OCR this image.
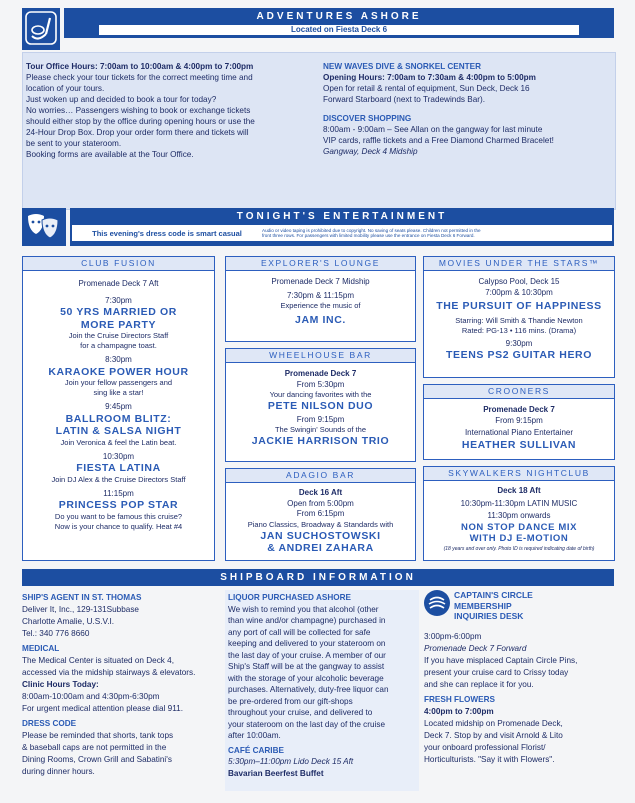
ADVENTURES ASHORE
Located on Fiesta Deck 6
Tour Office Hours: 7:00am to 10:00am & 4:00pm to 7:00pm
Please check your tour tickets for the correct meeting time and
location of your tours.
Just woken up and decided to book a tour for today?
No worries… Passengers wishing to book or exchange tickets
should either stop by the office during opening hours or use the
24-Hour Drop Box. Drop your order form there and tickets will
be sent to your stateroom.
Booking forms are available at the Tour Office.
NEW WAVES DIVE & SNORKEL CENTER
Opening Hours: 7:00am to 7:30am & 4:00pm to 5:00pm
Open for retail & rental of equipment, Sun Deck, Deck 16
Forward Starboard (next to Tradewinds Bar).
DISCOVER SHOPPING
8:00am - 9:00am – See Allan on the gangway for last minute
VIP cards, raffle tickets and a Free Diamond Charmed Bracelet!
Gangway, Deck 4 Midship
TONIGHT'S ENTERTAINMENT
This evening's dress code is smart casual	Audio or video taping is prohibited due to copyright. No saving of seats please. Children not permitted in the
front three rows. For passengers with limited mobility please use the entrance on Fiesta Deck 6 Forward.
CLUB FUSION
Promenade Deck 7 Aft
7:30pm
50 YRS MARRIED OR
MORE PARTY
Join the Cruise Directors Staff
for a champagne toast.
8:30pm
KARAOKE POWER HOUR
Join your fellow passengers and
sing like a star!
9:45pm
BALLROOM BLITZ:
LATIN & SALSA NIGHT
Join Veronica & feel the Latin beat.
10:30pm
FIESTA LATINA
Join DJ Alex & the Cruise Directors Staff
11:15pm
PRINCESS POP STAR
Do you want to be famous this cruise?
Now is your chance to qualify. Heat #4
EXPLORER'S LOUNGE
Promenade Deck 7 Midship
7:30pm & 11:15pm
Experience the music of
JAM INC.
WHEELHOUSE BAR
Promenade Deck 7
From 5:30pm
Your dancing favorites with the
PETE NILSON DUO
From 9:15pm
The Swingin' Sounds of the
JACKIE HARRISON TRIO
ADAGIO BAR
Deck 16 Aft
Open from 5:00pm
From 6:15pm
Piano Classics, Broadway & Standards with
JAN SUCHOSTOWSKI
& ANDREI ZAHARA
MOVIES UNDER THE STARS™
Calypso Pool, Deck 15
7:00pm & 10:30pm
THE PURSUIT OF HAPPINESS
Starring: Will Smith & Thandie Newton
Rated: PG-13 • 116 mins. (Drama)
9:30pm
TEENS PS2 GUITAR HERO
CROONERS
Promenade Deck 7
From 9:15pm
International Piano Entertainer
HEATHER SULLIVAN
SKYWALKERS NIGHTCLUB
Deck 18 Aft
10:30pm-11:30pm LATIN MUSIC
11:30pm onwards
NON STOP DANCE MIX
WITH DJ E-MOTION
(18 years and over only. Photo ID is required indicating date of birth)
SHIPBOARD INFORMATION
SHIP'S AGENT IN ST. THOMAS
Deliver It, Inc., 129-131Subbase
Charlotte Amalie, U.S.V.I.
Tel.: 340 776 8660
MEDICAL
The Medical Center is situated on Deck 4,
accessed via the midship stairways & elevators.
Clinic Hours Today:
8:00am-10:00am and 4:30pm-6:30pm
For urgent medical attention please dial 911.
DRESS CODE
Please be reminded that shorts, tank tops
& baseball caps are not permitted in the
Dining Rooms, Crown Grill and Sabatini's
during dinner hours.
LIQUOR PURCHASED ASHORE
We wish to remind you that alcohol (other
than wine and/or champagne) purchased in
any port of call will be collected for safe
keeping and delivered to your stateroom on
the last day of your cruise. A member of our
Ship's Staff will be at the gangway to assist
with the storage of your alcoholic beverage
purchases. Alternatively, duty-free liquor can
be pre-ordered from our gift-shops
throughout your cruise, and delivered to
your stateroom on the last day of the cruise
after 10:00am.
CAFÉ CARIBE
5:30pm–11:00pm Lido Deck 15 Aft
Bavarian Beerfest Buffet
CAPTAIN'S CIRCLE
MEMBERSHIP
INQUIRIES DESK
3:00pm-6:00pm
Promenade Deck 7 Forward
If you have misplaced Captain Circle Pins,
present your cruise card to Crissy today
and she can replace it for you.
FRESH FLOWERS
4:00pm to 7:00pm
Located midship on Promenade Deck,
Deck 7. Stop by and visit Arnold & Lito
your onboard professional Florist/
Horticulturists. "Say it with Flowers".
